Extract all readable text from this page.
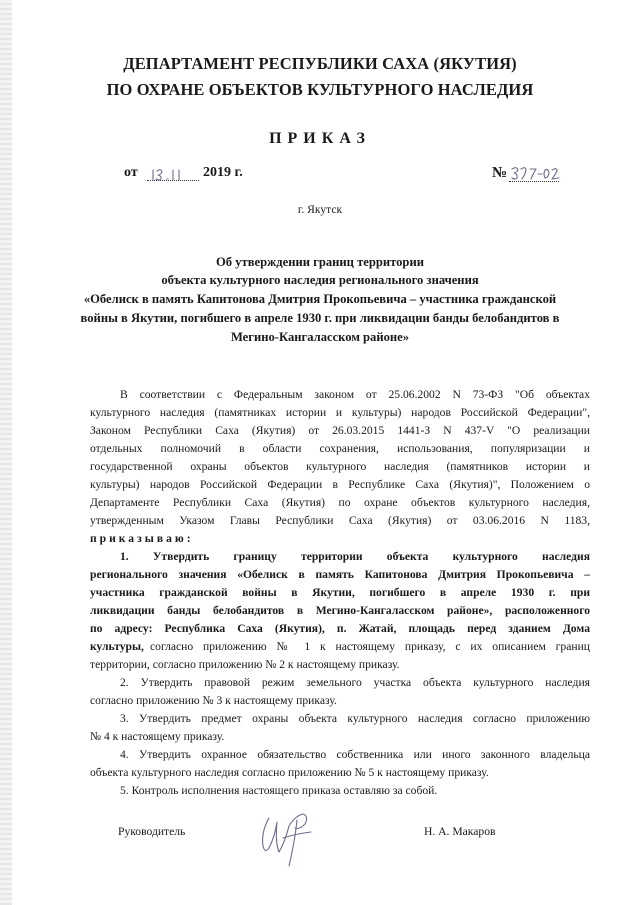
ДЕПАРТАМЕНТ РЕСПУБЛИКИ САХА (ЯКУТИЯ)
ПО ОХРАНЕ ОБЪЕКТОВ КУЛЬТУРНОГО НАСЛЕДИЯ
ПРИКАЗ
от	2019 г.	№
г. Якутск
Об утверждении границ территории
объекта культурного наследия регионального значения
«Обелиск в память Капитонова Дмитрия Прокопьевича – участника гражданской
войны в Якутии, погибшего в апреле 1930 г. при ликвидации банды белобандитов в
Мегино-Кангаласском районе»
В соответствии с Федеральным законом от 25.06.2002 N 73-ФЗ "Об объектах
культурного наследия (памятниках истории и культуры) народов Российской Федерации",
Законом Республики Саха (Якутия) от 26.03.2015 1441-З N 437-V "О реализации
отдельных полномочий в области сохранения, использования, популяризации и
государственной охраны объектов культурного наследия (памятников истории и
культуры) народов Российской Федерации в Республике Саха (Якутия)", Положением о
Департаменте Республики Саха (Якутия) по охране объектов культурного наследия,
утвержденным Указом Главы Республики Саха (Якутия) от 03.06.2016 N 1183,
приказываю:
1. Утвердить границу территории объекта культурного наследия
регионального значения «Обелиск в память Капитонова Дмитрия Прокопьевича –
участника гражданской войны в Якутии, погибшего в апреле 1930 г. при
ликвидации банды белобандитов в Мегино-Кангаласском районе», расположенного
по адресу: Республика Саха (Якутия), п. Жатай, площадь перед зданием Дома
культуры, согласно приложению № 1 к настоящему приказу, с их описанием границ
территории, согласно приложению № 2 к настоящему приказу.
2. Утвердить правовой режим земельного участка объекта культурного наследия
согласно приложению № 3 к настоящему приказу.
3. Утвердить предмет охраны объекта культурного наследия согласно приложению
№ 4 к настоящему приказу.
4. Утвердить охранное обязательство собственника или иного законного владельца
объекта культурного наследия согласно приложению № 5 к настоящему приказу.
5. Контроль исполнения настоящего приказа оставляю за собой.
Руководитель	Н. А. Макаров
